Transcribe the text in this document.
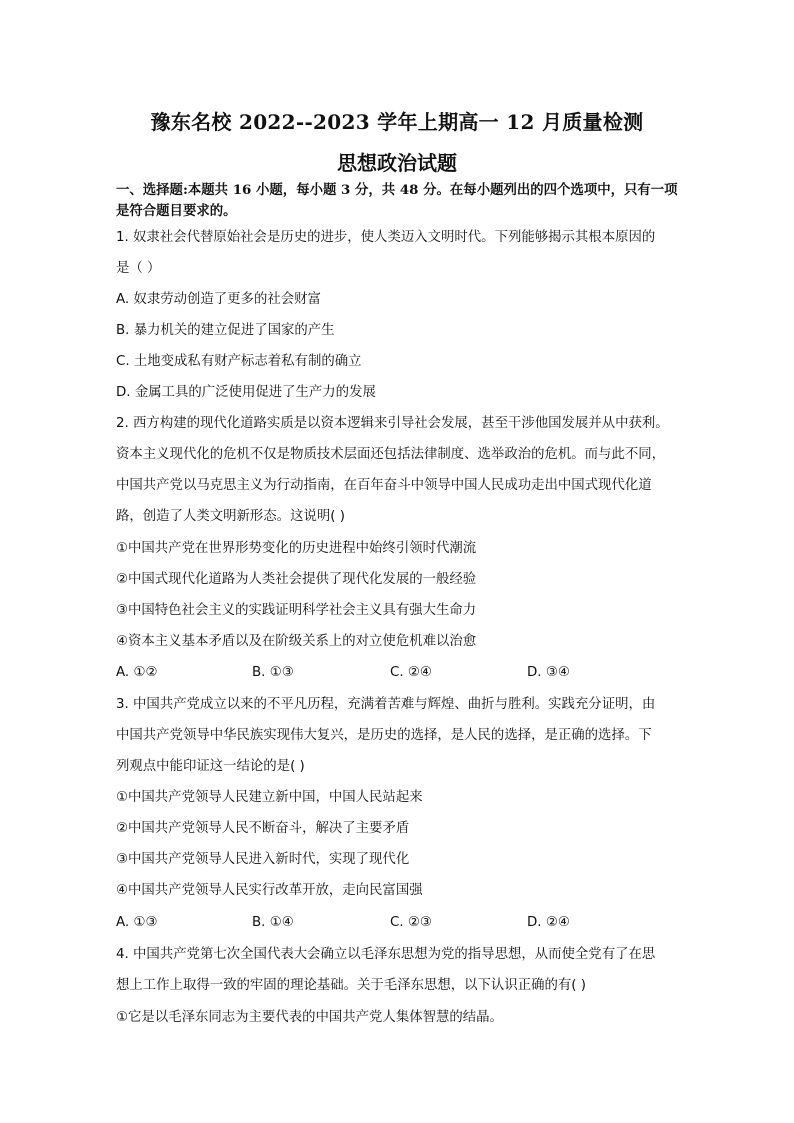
豫东名校 2022--2023 学年上期高一 12 月质量检测
思想政治试题
一、选择题:本题共 16 小题，每小题 3 分，共 48 分。在每小题列出的四个选项中，只有一项
是符合题目要求的。
1. 奴隶社会代替原始社会是历史的进步，使人类迈入文明时代。下列能够揭示其根本原因的
是（ ）
A. 奴隶劳动创造了更多的社会财富
B. 暴力机关的建立促进了国家的产生
C. 土地变成私有财产标志着私有制的确立
D. 金属工具的广泛使用促进了生产力的发展
2. 西方构建的现代化道路实质是以资本逻辑来引导社会发展，甚至干涉他国发展并从中获利。
资本主义现代化的危机不仅是物质技术层面还包括法律制度、选举政治的危机。而与此不同，
中国共产党以马克思主义为行动指南，在百年奋斗中领导中国人民成功走出中国式现代化道
路，创造了人类文明新形态。这说明( )
①中国共产党在世界形势变化的历史进程中始终引领时代潮流
②中国式现代化道路为人类社会提供了现代化发展的一般经验
③中国特色社会主义的实践证明科学社会主义具有强大生命力
④资本主义基本矛盾以及在阶级关系上的对立使危机难以治愈
A. ①②	B. ①③	C. ②④	D. ③④
3. 中国共产党成立以来的不平凡历程，充满着苦难与辉煌、曲折与胜利。实践充分证明，由
中国共产党领导中华民族实现伟大复兴，是历史的选择，是人民的选择，是正确的选择。下
列观点中能印证这一结论的是( )
①中国共产党领导人民建立新中国，中国人民站起来
②中国共产党领导人民不断奋斗，解决了主要矛盾
③中国共产党领导人民进入新时代，实现了现代化
④中国共产党领导人民实行改革开放，走向民富国强
A. ①③	B. ①④	C. ②③	D. ②④
4. 中国共产党第七次全国代表大会确立以毛泽东思想为党的指导思想，从而使全党有了在思
想上工作上取得一致的牢固的理论基础。关于毛泽东思想，以下认识正确的有( )
①它是以毛泽东同志为主要代表的中国共产党人集体智慧的结晶。
